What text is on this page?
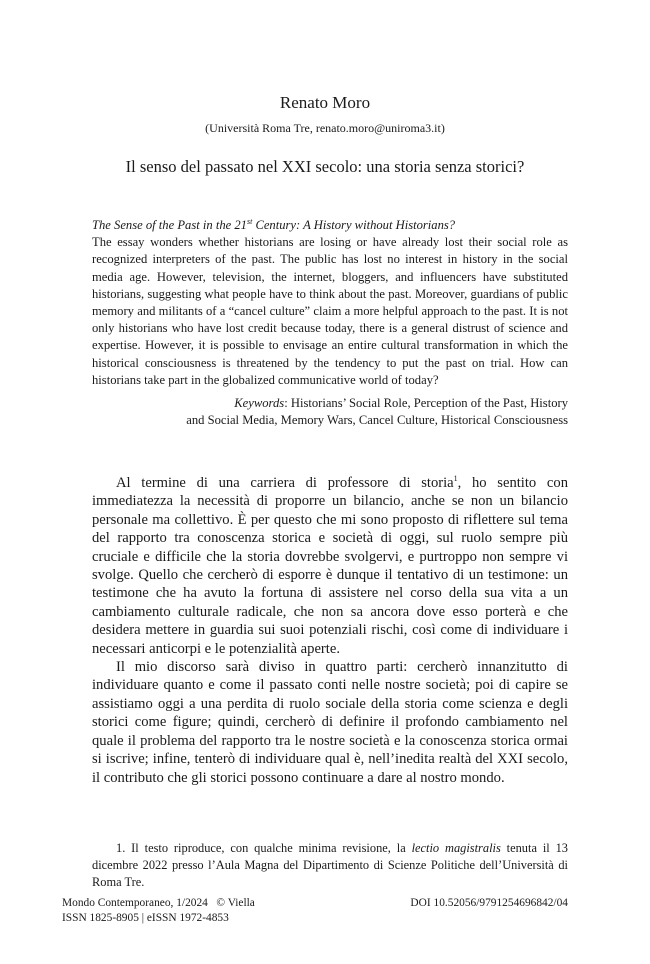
Renato Moro
(Università Roma Tre, renato.moro@uniroma3.it)
Il senso del passato nel XXI secolo: una storia senza storici?

The Sense of the Past in the 21st Century: A History without Historians?

The essay wonders whether historians are losing or have already lost their social role as recognized interpreters of the past. The public has lost no interest in history in the social media age. However, television, the internet, bloggers, and influencers have substituted historians, suggesting what people have to think about the past. Moreover, guardians of public memory and militants of a “cancel culture” claim a more helpful approach to the past. It is not only historians who have lost credit because today, there is a general distrust of science and expertise. However, it is possible to envisage an entire cultural transformation in which the historical consciousness is threatened by the tendency to put the past on trial. How can historians take part in the globalized communicative world of today?

Keywords: Historians’ Social Role, Perception of the Past, History
and Social Media, Memory Wars, Cancel Culture, Historical Consciousness

Al termine di una carriera di professore di storia$^1$, ho sentito con immediatezza la necessità di proporre un bilancio, anche se non un bilancio personale ma collettivo. È per questo che mi sono proposto di riflettere sul tema del rapporto tra conoscenza storica e società di oggi, sul ruolo sempre più cruciale e difficile che la storia dovrebbe svolgervi, e purtroppo non sempre vi svolge. Quello che cercherò di esporre è dunque il tentativo di un testimone: un testimone che ha avuto la fortuna di assistere nel corso della sua vita a un cambiamento culturale radicale, che non sa ancora dove esso porterà e che desidera mettere in guardia sui suoi potenziali rischi, così come di individuare i necessari anticorpi e le potenzialità aperte.

Il mio discorso sarà diviso in quattro parti: cercherò innanzitutto di individuare quanto e come il passato conti nelle nostre società; poi di capire se assistiamo oggi a una perdita di ruolo sociale della storia come scienza e degli storici come figure; quindi, cercherò di definire il profondo cambiamento nel quale il problema del rapporto tra le nostre società e la conoscenza storica ormai si iscrive; infine, tenterò di individuare qual è, nell’inedita realtà del XXI secolo, il contributo che gli storici possono continuare a dare al nostro mondo.

1. Il testo riproduce, con qualche minima revisione, la lectio magistralis tenuta il 13 dicembre 2022 presso l’Aula Magna del Dipartimento di Scienze Politiche dell’Università di Roma Tre.

Mondo Contemporaneo, 1/2024 © Viella
ISSN 1825-8905 | eISSN 1972-4853
DOI 10.52056/9791254696842/04
